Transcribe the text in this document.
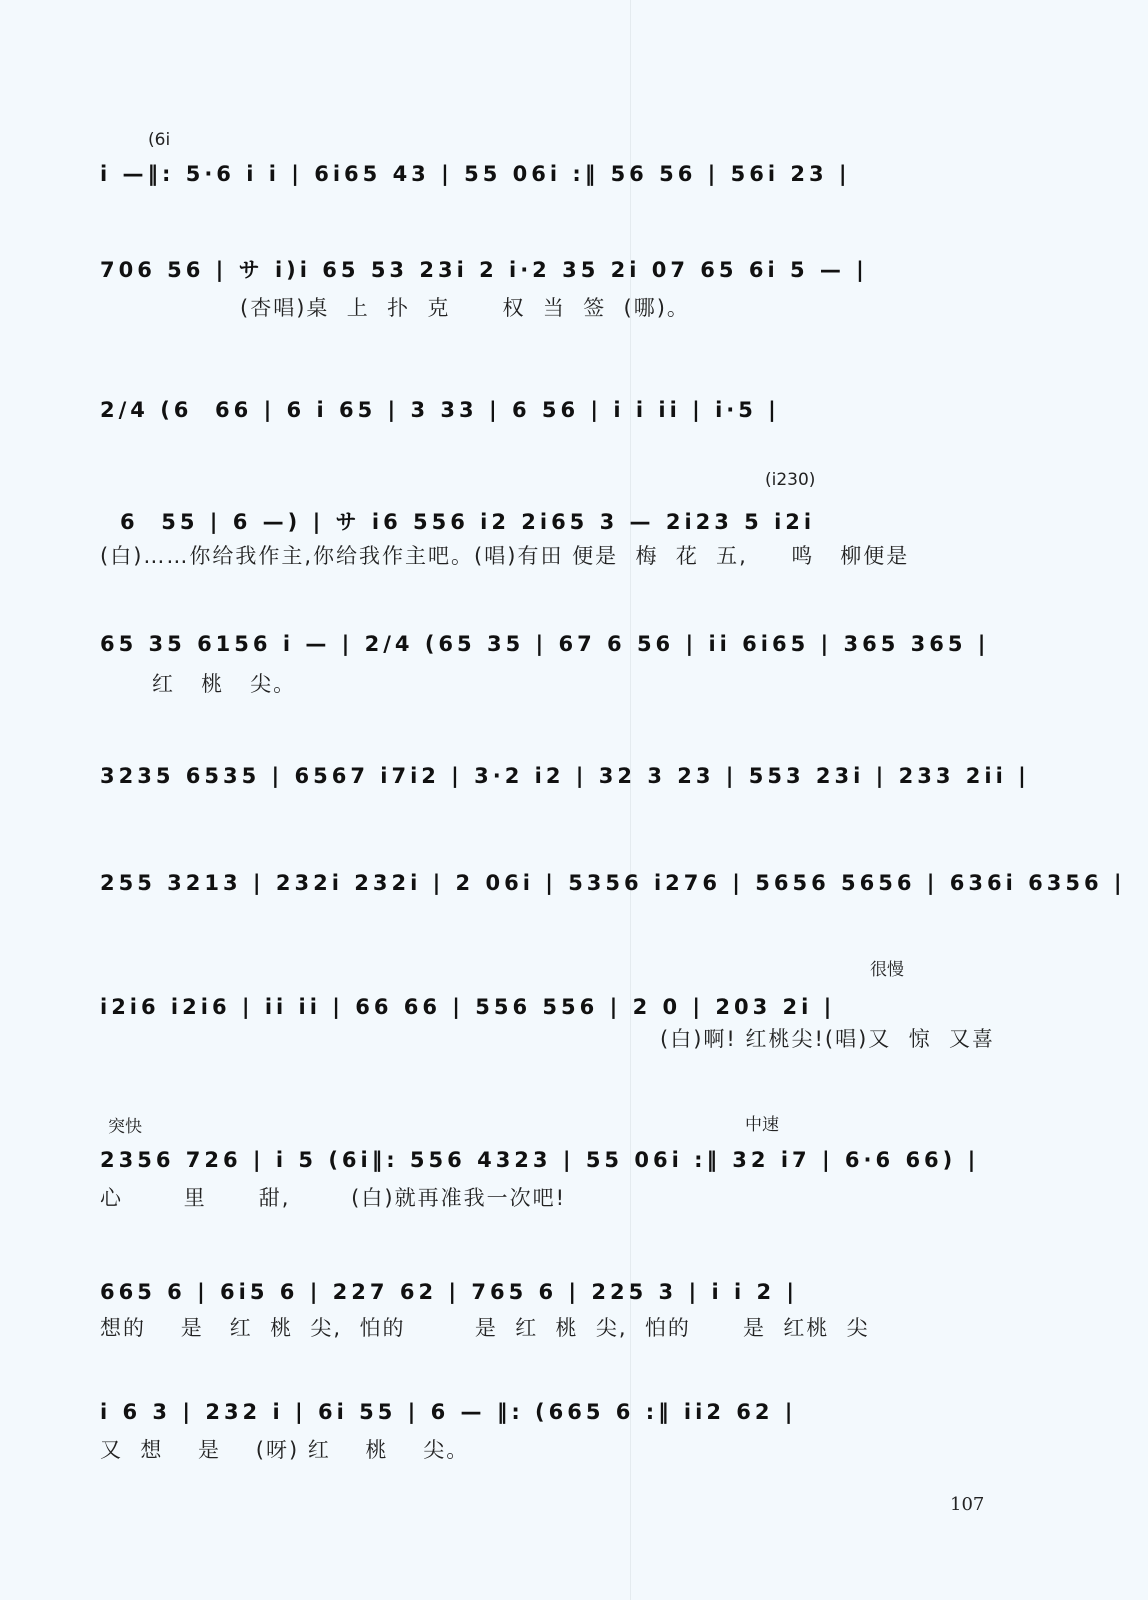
(6i
i —‖: 5·6 i i | 6i65 43 | 55 06i :‖ 56 56 | 56i 23 |
706 56 | サ i)i 65 53 23i 2 i·2 35 2i 07 65 6i 5 — |
(杏唱)桌  上  扑  克      权  当  签  (哪)。
2/4 (6  66 | 6 i 65 | 3 33 | 6 56 | i i ii | i·5 |
(i230)
6  55 | 6 —) | サ i6 556 i2 2i65 3 — 2i23 5 i2i
(白)……你给我作主,你给我作主吧。(唱)有田 便是  梅  花  五,     鸣   柳便是
65 35 6156 i — | 2/4 (65 35 | 67 6 56 | ii 6i65 | 365 365 |
红   桃   尖。
3235 6535 | 6567 i7i2 | 3·2 i2 | 32 3 23 | 553 23i | 233 2ii |
255 3213 | 232i 232i | 2 06i | 5356 i276 | 5656 5656 | 636i 6356 |
很慢
i2i6 i2i6 | ii ii | 66 66 | 556 556 | 2 0 | 203 2i |
(白)啊! 红桃尖!(唱)又  惊  又喜
突快	中速
2356 726 | i 5 (6i‖: 556 4323 | 55 06i :‖ 32 i7 | 6·6 66) |
心       里      甜,       (白)就再准我一次吧!
665 6 | 6i5 6 | 227 62 | 765 6 | 225 3 | i i 2 |
想的    是   红  桃  尖,  怕的        是  红  桃  尖,  怕的      是  红桃  尖
i 6 3 | 232 i | 6i 55 | 6 — ‖: (665 6 :‖ ii2 62 |
又  想    是    (呀) 红    桃    尖。
107
